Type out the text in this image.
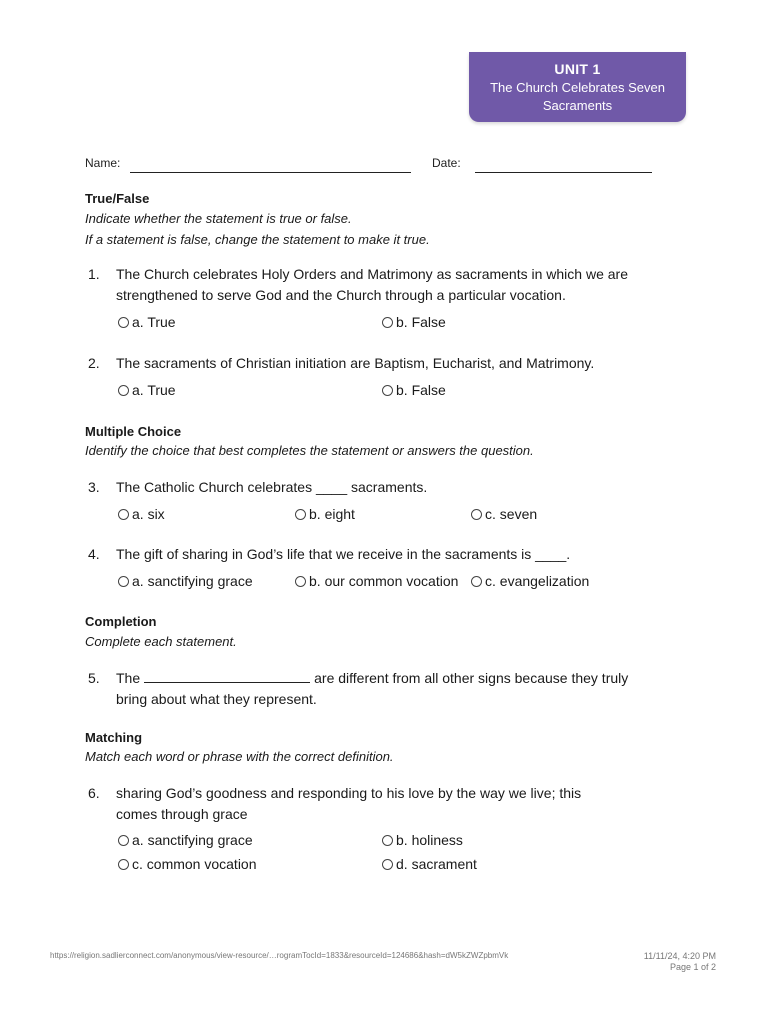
UNIT 1
The Church Celebrates Seven Sacraments
Name:	Date:
True/False
Indicate whether the statement is true or false.
If a statement is false, change the statement to make it true.
1. The Church celebrates Holy Orders and Matrimony as sacraments in which we are strengthened to serve God and the Church through a particular vocation.
a. True	b. False
2. The sacraments of Christian initiation are Baptism, Eucharist, and Matrimony.
a. True	b. False
Multiple Choice
Identify the choice that best completes the statement or answers the question.
3. The Catholic Church celebrates ____ sacraments.
a. six	b. eight	c. seven
4. The gift of sharing in God’s life that we receive in the sacraments is ____.
a. sanctifying grace	b. our common vocation c. evangelization
Completion
Complete each statement.
5. The	are different from all other signs because they truly bring about what they represent.
Matching
Match each word or phrase with the correct definition.
6. sharing God’s goodness and responding to his love by the way we live; this comes through grace
a. sanctifying grace	b. holiness
c. common vocation	d. sacrament
https://religion.sadlierconnect.com/anonymous/view-resource/…rogramTocId=1833&resourceId=124686&hash=dW5kZWZpbmVk	11/11/24, 4:20 PM
Page 1 of 2
